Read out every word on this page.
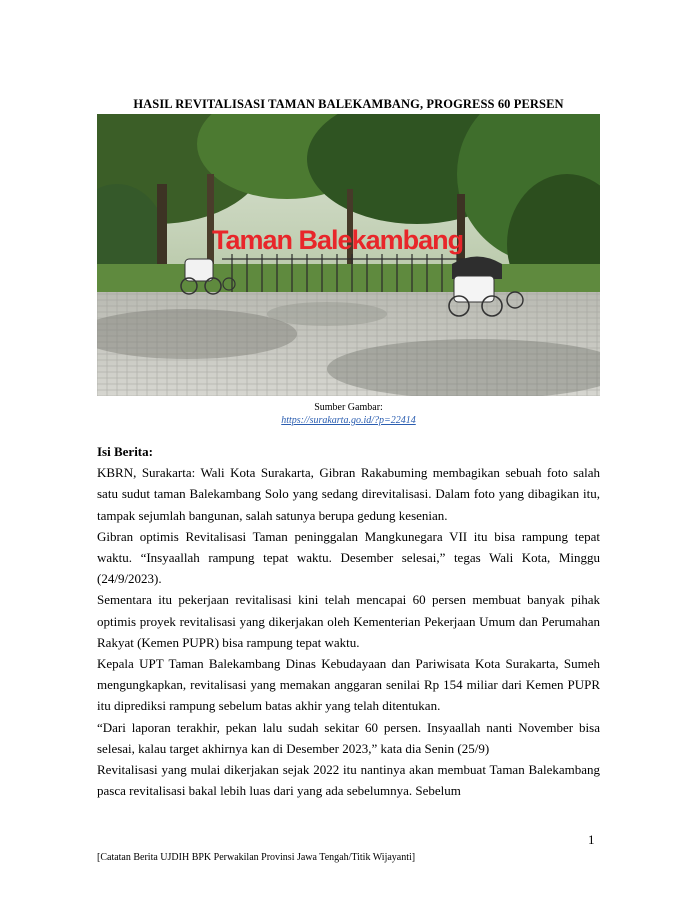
HASIL REVITALISASI TAMAN BALEKAMBANG, PROGRESS 60 PERSEN
Taman Balekambang
Sumber Gambar:
https://surakarta.go.id/?p=22414
Isi Berita:

KBRN, Surakarta: Wali Kota Surakarta, Gibran Rakabuming membagikan sebuah foto salah satu sudut taman Balekambang Solo yang sedang direvitalisasi. Dalam foto yang dibagikan itu, tampak sejumlah bangunan, salah satunya berupa gedung kesenian.

Gibran optimis Revitalisasi Taman peninggalan Mangkunegara VII itu bisa rampung tepat waktu. “Insyaallah rampung tepat waktu. Desember selesai,” tegas Wali Kota, Minggu (24/9/2023).

Sementara itu pekerjaan revitalisasi kini telah mencapai 60 persen membuat banyak pihak optimis proyek revitalisasi yang dikerjakan oleh Kementerian Pekerjaan Umum dan Perumahan Rakyat (Kemen PUPR) bisa rampung tepat waktu.

Kepala UPT Taman Balekambang Dinas Kebudayaan dan Pariwisata Kota Surakarta, Sumeh mengungkapkan, revitalisasi yang memakan anggaran senilai Rp 154 miliar dari Kemen PUPR itu diprediksi rampung sebelum batas akhir yang telah ditentukan.

“Dari laporan terakhir, pekan lalu sudah sekitar 60 persen. Insyaallah nanti November bisa selesai, kalau target akhirnya kan di Desember 2023,” kata dia Senin (25/9)

Revitalisasi yang mulai dikerjakan sejak 2022 itu nantinya akan membuat Taman Balekambang pasca revitalisasi bakal lebih luas dari yang ada sebelumnya. Sebelum

1
[Catatan Berita UJDIH BPK Perwakilan Provinsi Jawa Tengah/Titik Wijayanti]
